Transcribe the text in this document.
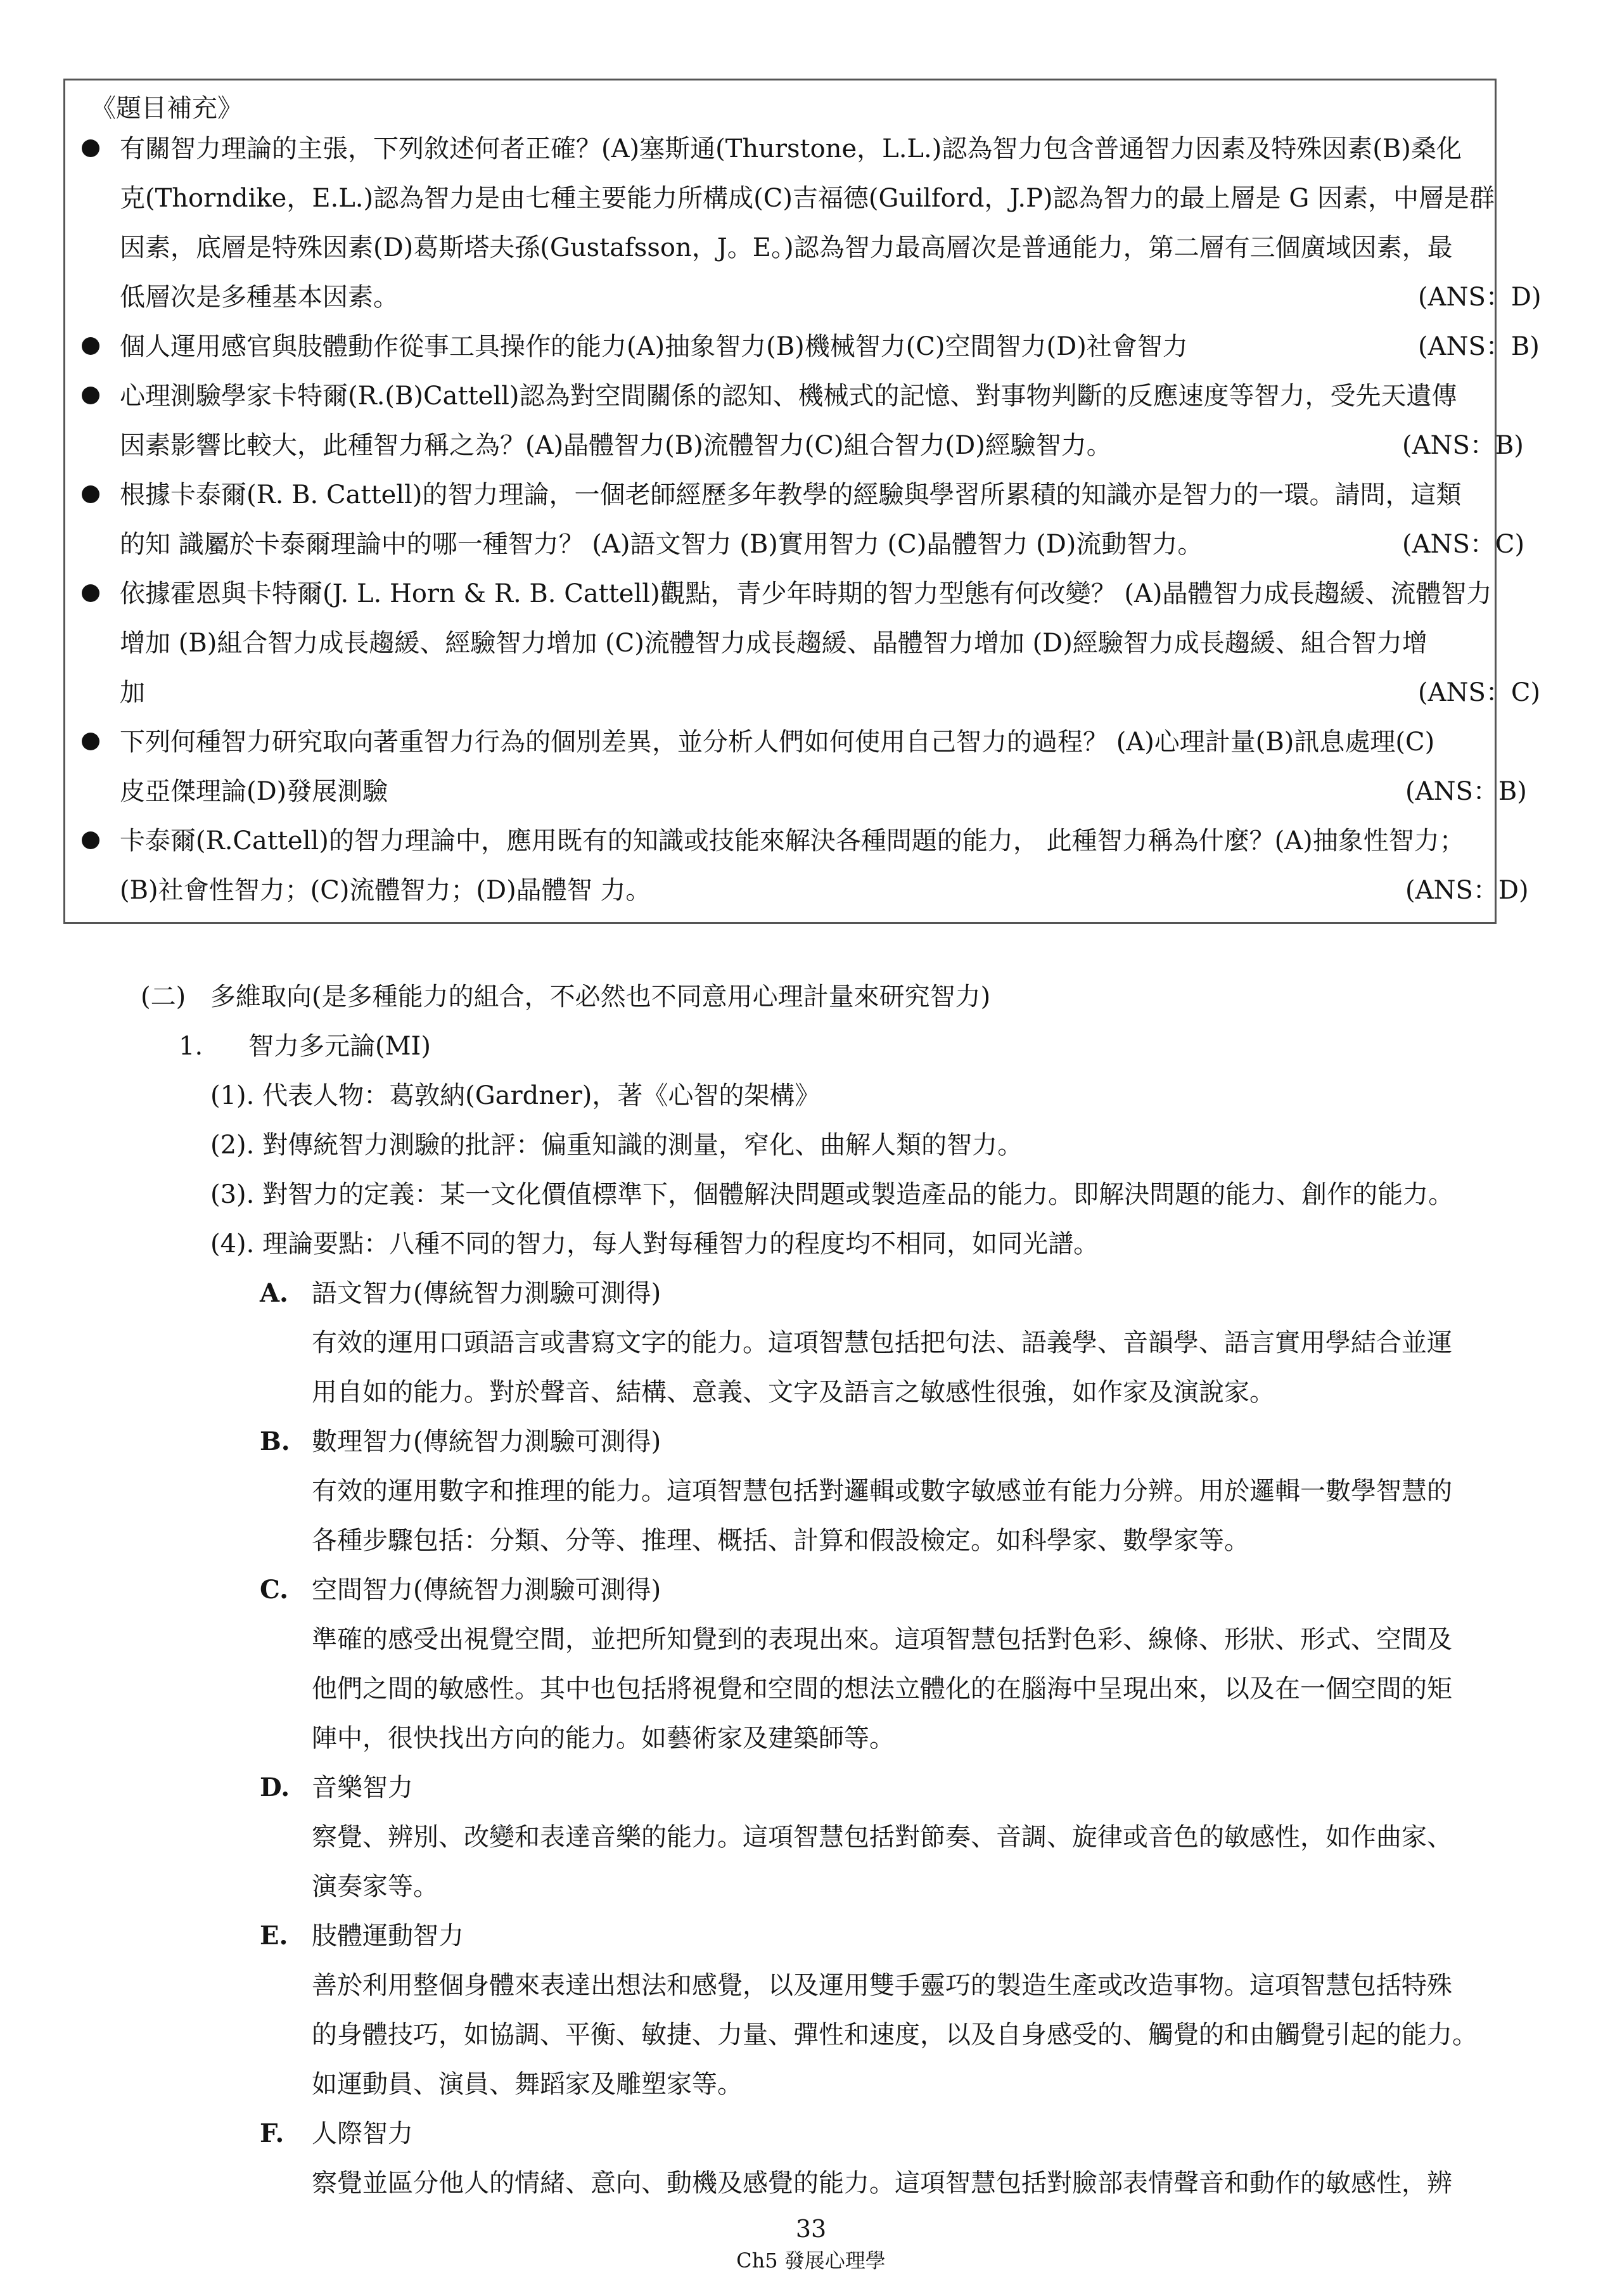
《題目補充》
有關智力理論的主張，下列敘述何者正確？(A)塞斯通(Thurstone，L.L.)認為智力包含普通智力因素及特殊因素(B)桑化
克(Thorndike，E.L.)認為智力是由七種主要能力所構成(C)吉福德(Guilford，J.P)認為智力的最上層是 G 因素，中層是群
因素，底層是特殊因素(D)葛斯塔夫孫(Gustafsson，J。E。)認為智力最高層次是普通能力，第二層有三個廣域因素，最
低層次是多種基本因素。	(ANS：D)
個人運用感官與肢體動作從事工具操作的能力(A)抽象智力(B)機械智力(C)空間智力(D)社會智力	(ANS：B)
心理測驗學家卡特爾(R.(B)Cattell)認為對空間關係的認知、機械式的記憶、對事物判斷的反應速度等智力，受先天遺傳
因素影響比較大，此種智力稱之為？(A)晶體智力(B)流體智力(C)組合智力(D)經驗智力。	(ANS：B)
根據卡泰爾(R. B. Cattell)的智力理論，一個老師經歷多年教學的經驗與學習所累積的知識亦是智力的一環。請問，這類
的知 識屬於卡泰爾理論中的哪一種智力？ (A)語文智力 (B)實用智力 (C)晶體智力 (D)流動智力。	(ANS：C)
依據霍恩與卡特爾(J. L. Horn & R. B. Cattell)觀點，青少年時期的智力型態有何改變？ (A)晶體智力成長趨緩、流體智力
增加 (B)組合智力成長趨緩、經驗智力增加 (C)流體智力成長趨緩、晶體智力增加 (D)經驗智力成長趨緩、組合智力增
加	(ANS：C)
下列何種智力研究取向著重智力行為的個別差異，並分析人們如何使用自己智力的過程？ (A)心理計量(B)訊息處理(C)
皮亞傑理論(D)發展測驗	(ANS：B)
卡泰爾(R.Cattell)的智力理論中，應用既有的知識或技能來解決各種問題的能力， 此種智力稱為什麼？(A)抽象性智力；
(B)社會性智力；(C)流體智力；(D)晶體智 力。	(ANS：D)
(二) 多維取向(是多種能力的組合，不必然也不同意用心理計量來研究智力)
1. 智力多元論(MI)
(1). 代表人物：葛敦納(Gardner)，著《心智的架構》
(2). 對傳統智力測驗的批評：偏重知識的測量，窄化、曲解人類的智力。
(3). 對智力的定義：某一文化價值標準下，個體解決問題或製造產品的能力。即解決問題的能力、創作的能力。
(4). 理論要點：八種不同的智力，每人對每種智力的程度均不相同，如同光譜。
A. 語文智力(傳統智力測驗可測得)
有效的運用口頭語言或書寫文字的能力。這項智慧包括把句法、語義學、音韻學、語言實用學結合並運
用自如的能力。對於聲音、結構、意義、文字及語言之敏感性很強，如作家及演說家。
B. 數理智力(傳統智力測驗可測得)
有效的運用數字和推理的能力。這項智慧包括對邏輯或數字敏感並有能力分辨。用於邏輯一數學智慧的
各種步驟包括：分類、分等、推理、概括、計算和假設檢定。如科學家、數學家等。
C. 空間智力(傳統智力測驗可測得)
準確的感受出視覺空間，並把所知覺到的表現出來。這項智慧包括對色彩、線條、形狀、形式、空間及
他們之間的敏感性。其中也包括將視覺和空間的想法立體化的在腦海中呈現出來，以及在一個空間的矩
陣中，很快找出方向的能力。如藝術家及建築師等。
D. 音樂智力
察覺、辨別、改變和表達音樂的能力。這項智慧包括對節奏、音調、旋律或音色的敏感性，如作曲家、
演奏家等。
E. 肢體運動智力
善於利用整個身體來表達出想法和感覺，以及運用雙手靈巧的製造生產或改造事物。這項智慧包括特殊
的身體技巧，如協調、平衡、敏捷、力量、彈性和速度，以及自身感受的、觸覺的和由觸覺引起的能力。
如運動員、演員、舞蹈家及雕塑家等。
F. 人際智力
察覺並區分他人的情緒、意向、動機及感覺的能力。這項智慧包括對臉部表情聲音和動作的敏感性，辨
33
Ch5 發展心理學
